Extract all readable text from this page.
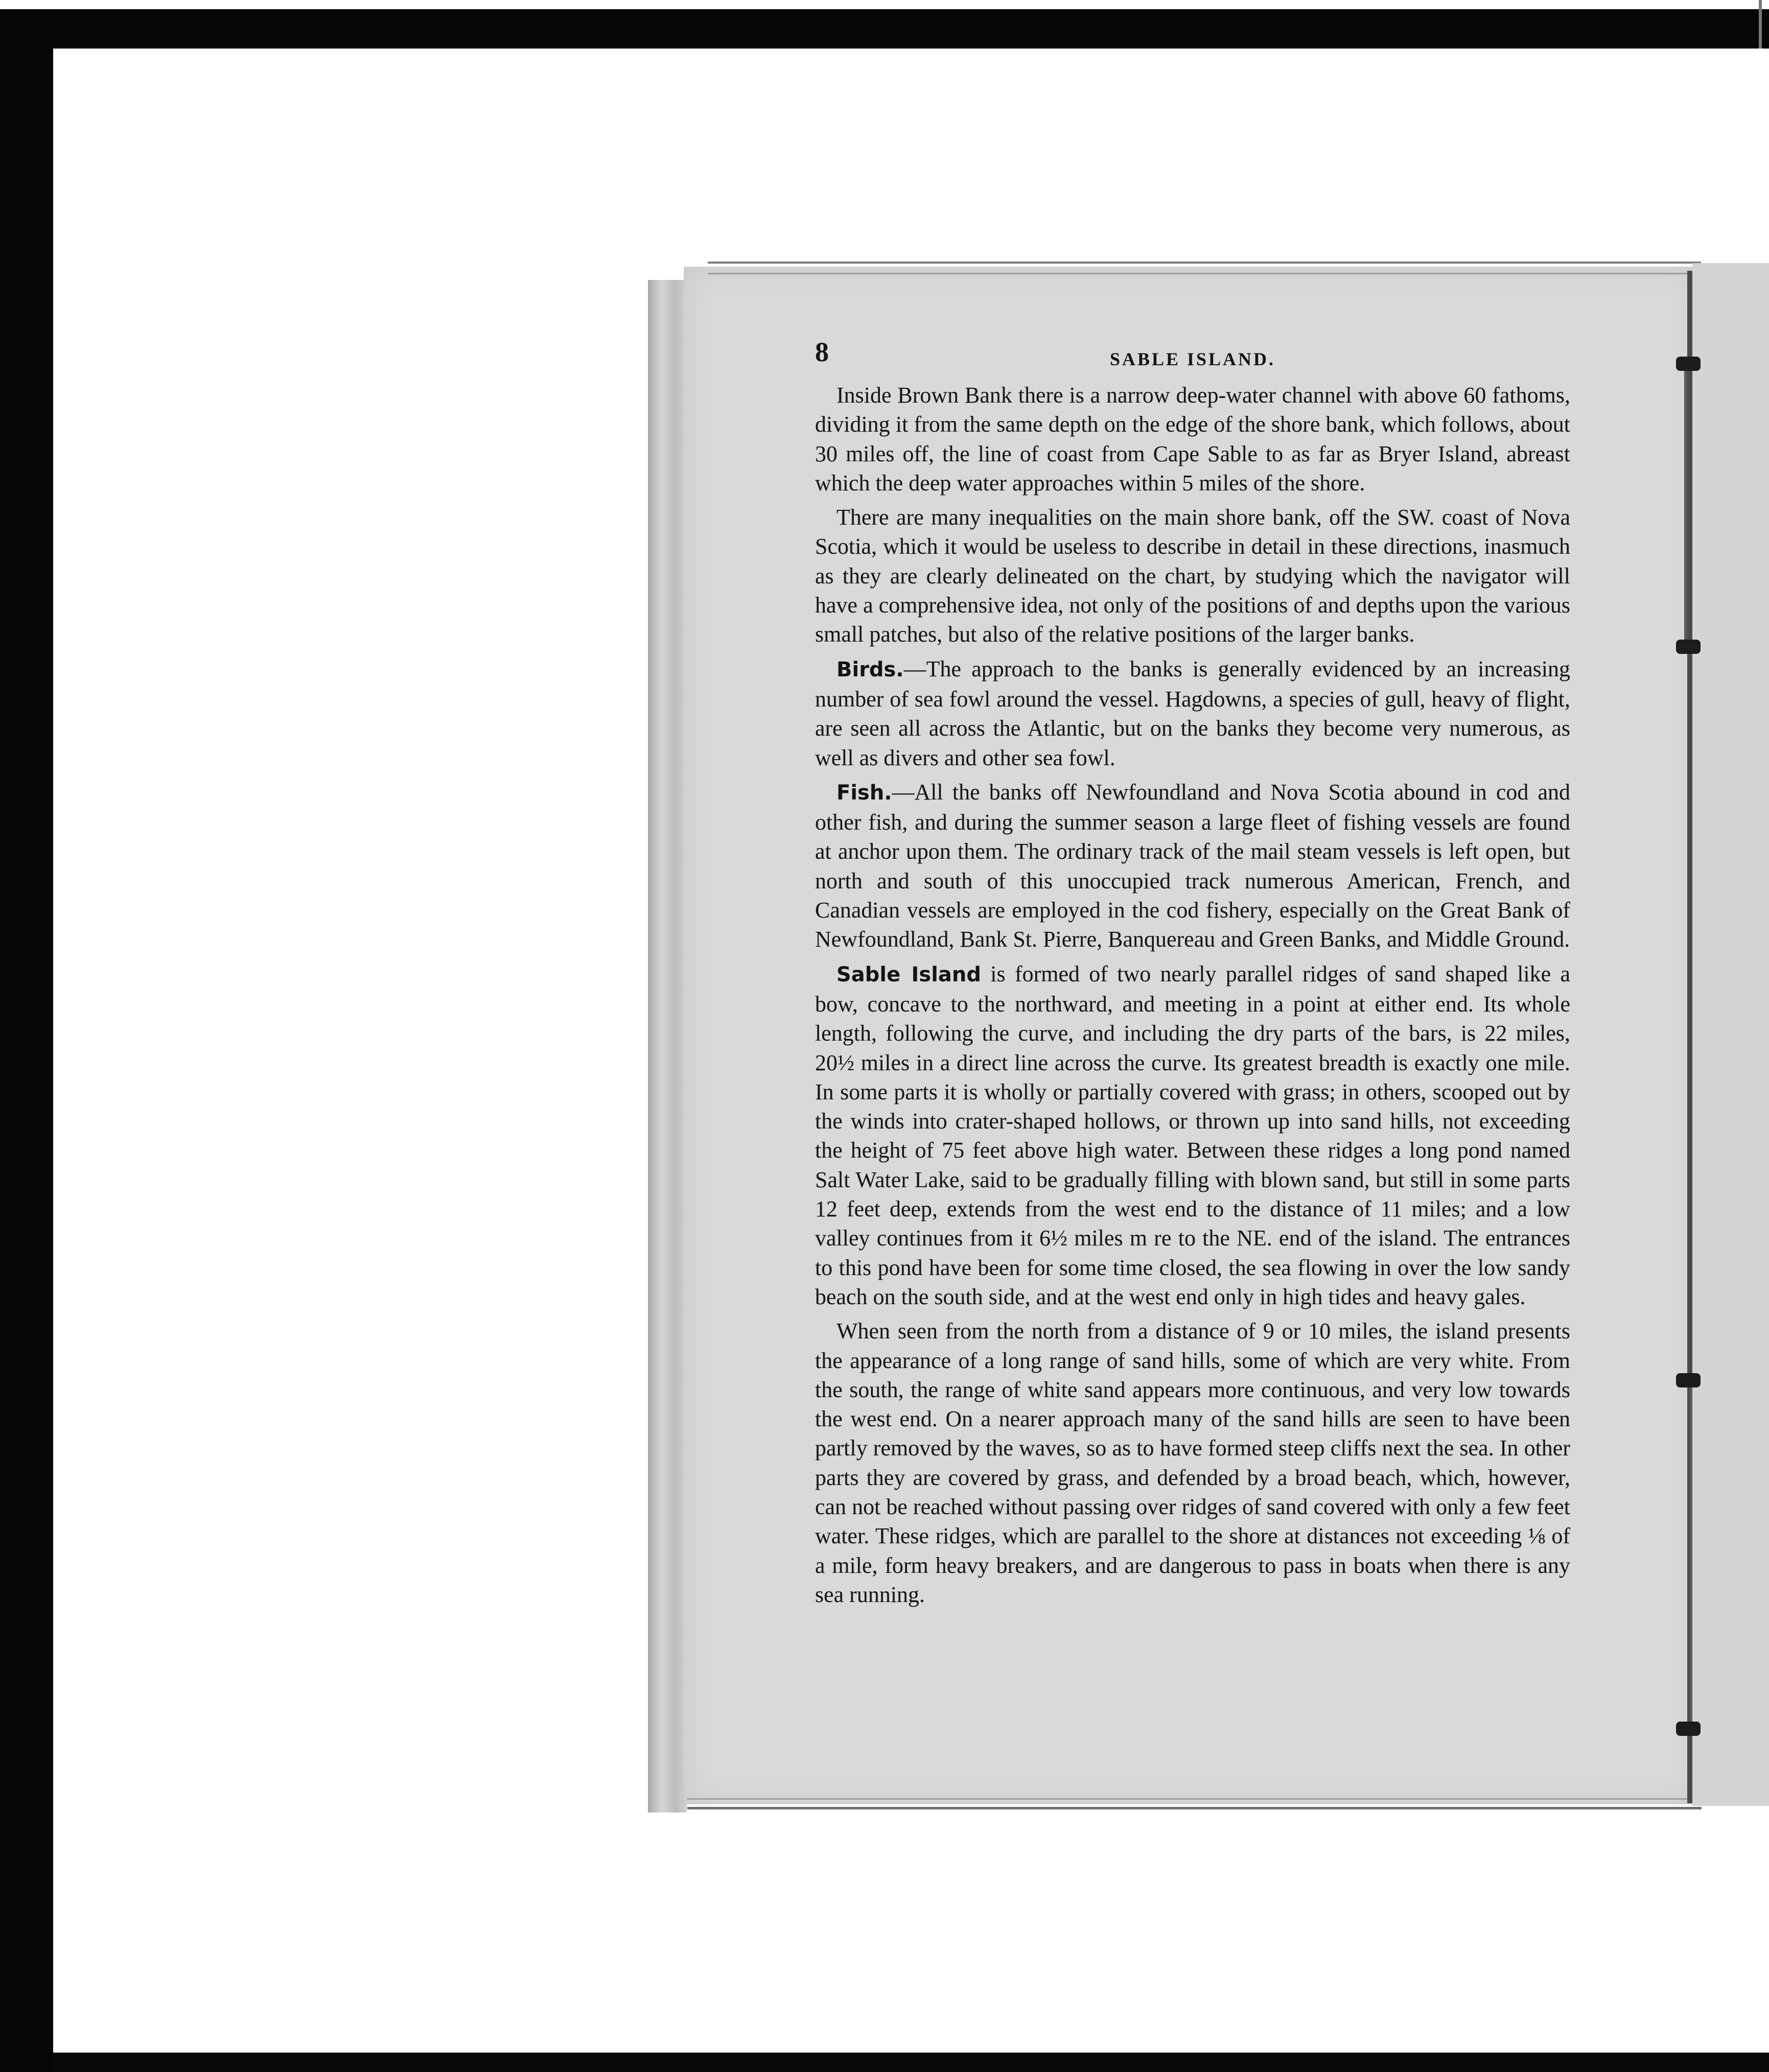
8	SABLE ISLAND.

Inside Brown Bank there is a narrow deep-water channel with above 60 fathoms, dividing it from the same depth on the edge of the shore bank, which follows, about 30 miles off, the line of coast from Cape Sable to as far as Bryer Island, abreast which the deep water approaches within 5 miles of the shore.

There are many inequalities on the main shore bank, off the SW. coast of Nova Scotia, which it would be useless to describe in detail in these directions, inasmuch as they are clearly delineated on the chart, by studying which the navigator will have a comprehensive idea, not only of the positions of and depths upon the various small patches, but also of the relative positions of the larger banks.

Birds.—The approach to the banks is generally evidenced by an increasing number of sea fowl around the vessel. Hagdowns, a species of gull, heavy of flight, are seen all across the Atlantic, but on the banks they become very numerous, as well as divers and other sea fowl.

Fish.—All the banks off Newfoundland and Nova Scotia abound in cod and other fish, and during the summer season a large fleet of fishing vessels are found at anchor upon them. The ordinary track of the mail steam vessels is left open, but north and south of this unoccupied track numerous American, French, and Canadian vessels are employed in the cod fishery, especially on the Great Bank of Newfoundland, Bank St. Pierre, Banquereau and Green Banks, and Middle Ground.

Sable Island is formed of two nearly parallel ridges of sand shaped like a bow, concave to the northward, and meeting in a point at either end. Its whole length, following the curve, and including the dry parts of the bars, is 22 miles, 20½ miles in a direct line across the curve. Its greatest breadth is exactly one mile. In some parts it is wholly or partially covered with grass; in others, scooped out by the winds into crater-shaped hollows, or thrown up into sand hills, not exceeding the height of 75 feet above high water. Between these ridges a long pond named Salt Water Lake, said to be gradually filling with blown sand, but still in some parts 12 feet deep, extends from the west end to the distance of 11 miles; and a low valley continues from it 6½ miles m re to the NE. end of the island. The entrances to this pond have been for some time closed, the sea flowing in over the low sandy beach on the south side, and at the west end only in high tides and heavy gales.

When seen from the north from a distance of 9 or 10 miles, the island presents the appearance of a long range of sand hills, some of which are very white. From the south, the range of white sand appears more continuous, and very low towards the west end. On a nearer approach many of the sand hills are seen to have been partly removed by the waves, so as to have formed steep cliffs next the sea. In other parts they are covered by grass, and defended by a broad beach, which, however, can not be reached without passing over ridges of sand covered with only a few feet water. These ridges, which are parallel to the shore at distances not exceeding ⅛ of a mile, form heavy breakers, and are dangerous to pass in boats when there is any sea running.
